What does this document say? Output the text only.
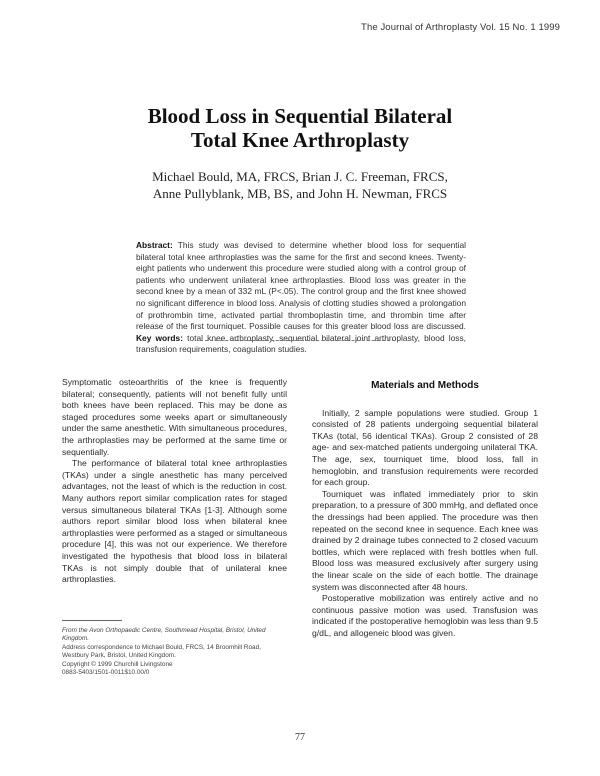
The Journal of Arthroplasty Vol. 15 No. 1 1999
Blood Loss in Sequential Bilateral
Total Knee Arthroplasty
Michael Bould, MA, FRCS, Brian J. C. Freeman, FRCS,
Anne Pullyblank, MB, BS, and John H. Newman, FRCS
Abstract: This study was devised to determine whether blood loss for sequential bilateral total knee arthroplasties was the same for the first and second knees. Twenty-eight patients who underwent this procedure were studied along with a control group of patients who underwent unilateral knee arthroplasties. Blood loss was greater in the second knee by a mean of 332 mL (P<.05). The control group and the first knee showed no significant difference in blood loss. Analysis of clotting studies showed a prolongation of prothrombin time, activated partial thromboplastin time, and thrombin time after release of the first tourniquet. Possible causes for this greater blood loss are discussed. Key words: total knee arthroplasty, sequential bilateral joint arthroplasty, blood loss, transfusion requirements, coagulation studies.

Symptomatic osteoarthritis of the knee is frequently bilateral; consequently, patients will not benefit fully until both knees have been replaced. This may be done as staged procedures some weeks apart or simultaneously under the same anesthetic. With simultaneous procedures, the arthroplasties may be performed at the same time or sequentially.

The performance of bilateral total knee arthroplasties (TKAs) under a single anesthetic has many perceived advantages, not the least of which is the reduction in cost. Many authors report similar complication rates for staged versus simultaneous bilateral TKAs [1-3]. Although some authors report similar blood loss when bilateral knee arthroplasties were performed as a staged or simultaneous procedure [4], this was not our experience. We therefore investigated the hypothesis that blood loss in bilateral TKAs is not simply double that of unilateral knee arthroplasties.

Materials and Methods

Initially, 2 sample populations were studied. Group 1 consisted of 28 patients undergoing sequential bilateral TKAs (total, 56 identical TKAs). Group 2 consisted of 28 age- and sex-matched patients undergoing unilateral TKA. The age, sex, tourniquet time, blood loss, fall in hemoglobin, and transfusion requirements were recorded for each group.

Tourniquet was inflated immediately prior to skin preparation, to a pressure of 300 mmHg, and deflated once the dressings had been applied. The procedure was then repeated on the second knee in sequence. Each knee was drained by 2 drainage tubes connected to 2 closed vacuum bottles, which were replaced with fresh bottles when full. Blood loss was measured exclusively after surgery using the linear scale on the side of each bottle. The drainage system was disconnected after 48 hours.

Postoperative mobilization was entirely active and no continuous passive motion was used. Transfusion was indicated if the postoperative hemoglobin was less than 9.5 g/dL, and allogeneic blood was given.

From the Avon Orthopaedic Centre, Southmead Hospital, Bristol, United Kingdom.

Address correspondence to Michael Bould, FRCS, 14 Broomhill Road, Westbury Park, Bristol, United Kingdom.

Copyright © 1999 Churchill Livingstone

0883-5403/1501-0011$10.00/0

77
